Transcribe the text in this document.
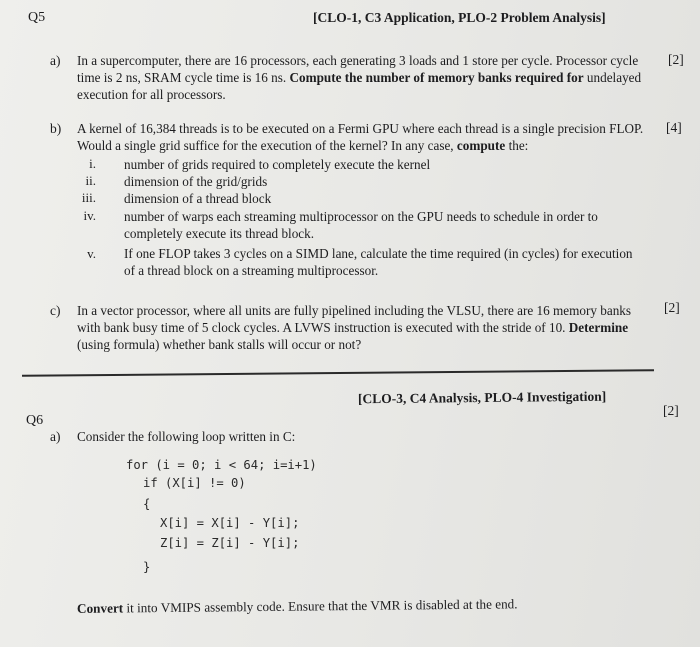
Q5	[CLO-1, C3 Application, PLO-2 Problem Analysis]
a) In a supercomputer, there are 16 processors, each generating 3 loads and 1 store per cycle. Processor cycle time is 2 ns, SRAM cycle time is 16 ns. Compute the number of memory banks required for undelayed execution for all processors.
[2]
b) A kernel of 16,384 threads is to be executed on a Fermi GPU where each thread is a single precision FLOP. Would a single grid suffice for the execution of the kernel? In any case, compute the:
[4]
i. number of grids required to completely execute the kernel
ii. dimension of the grid/grids
iii. dimension of a thread block
iv. number of warps each streaming multiprocessor on the GPU needs to schedule in order to completely execute its thread block.
v. If one FLOP takes 3 cycles on a SIMD lane, calculate the time required (in cycles) for execution of a thread block on a streaming multiprocessor.
c) In a vector processor, where all units are fully pipelined including the VLSU, there are 16 memory banks with bank busy time of 5 clock cycles. A LVWS instruction is executed with the stride of 10. Determine (using formula) whether bank stalls will occur or not?
[2]
[CLO-3, C4 Analysis, PLO-4 Investigation]
[2]
Q6
a) Consider the following loop written in C:
for (i = 0; i < 64; i=i+1)
if (X[i] != 0)
{
X[i] = X[i] - Y[i];
Z[i] = Z[i] - Y[i];
}
Convert it into VMIPS assembly code. Ensure that the VMR is disabled at the end.
